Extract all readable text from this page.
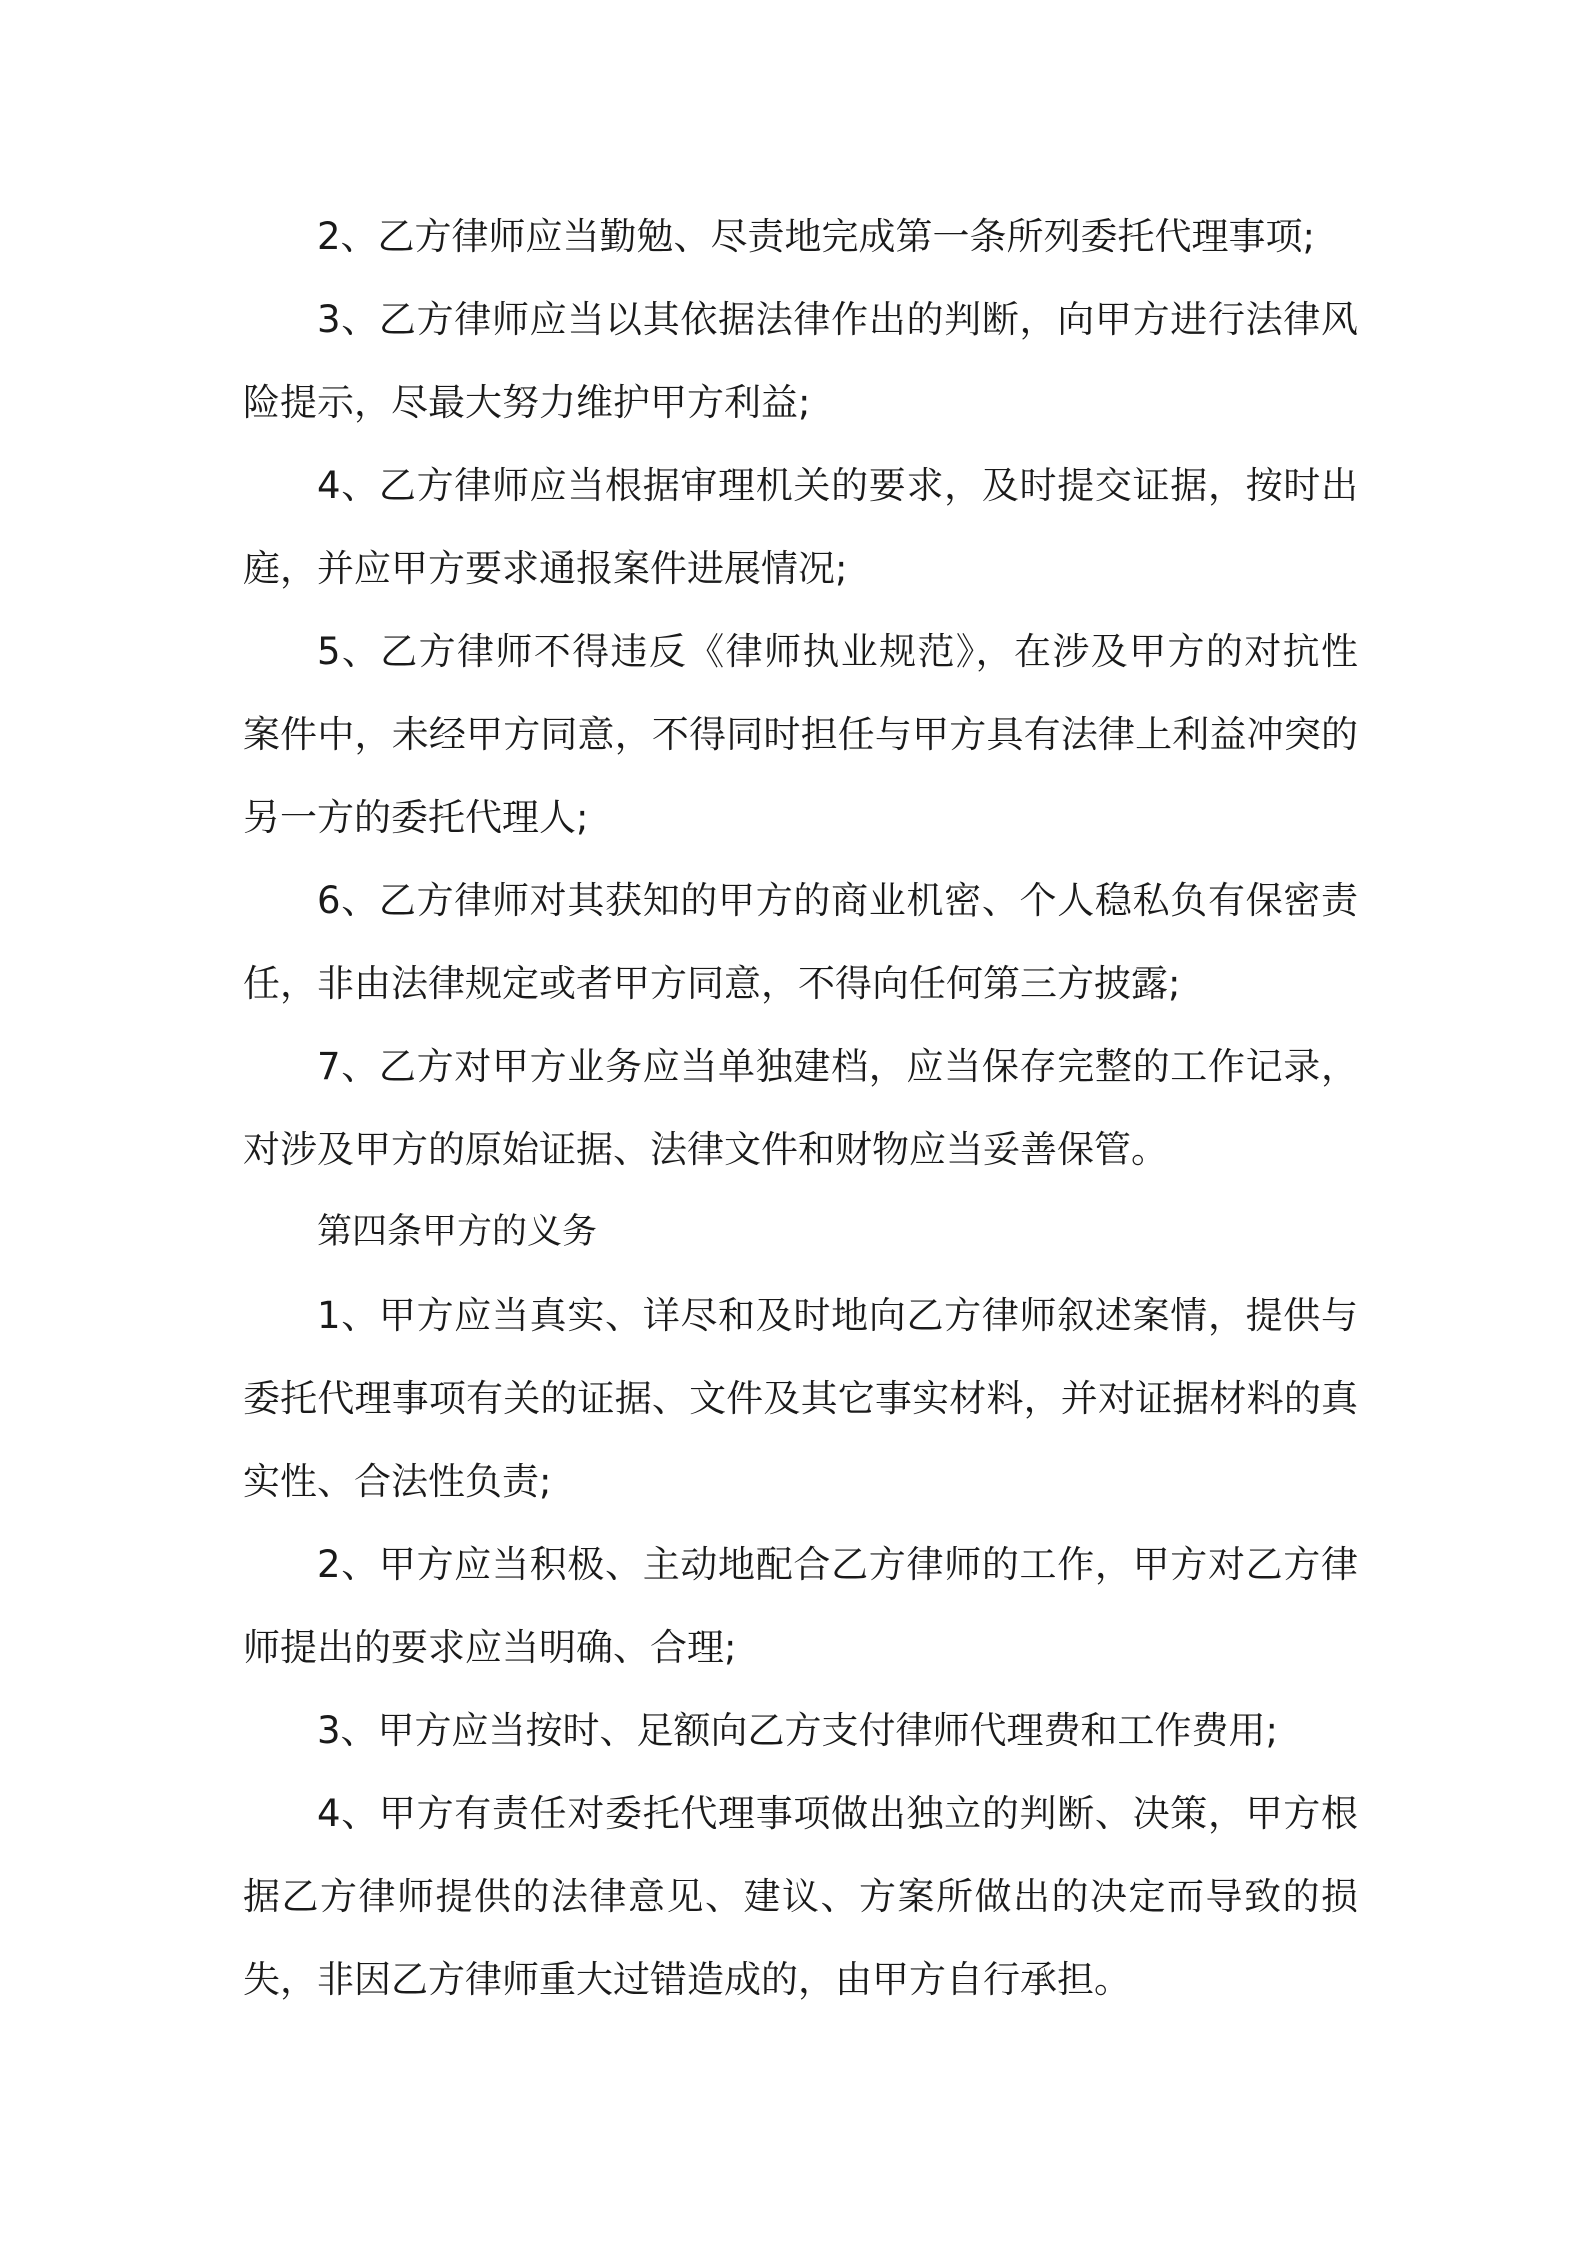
2、乙方律师应当勤勉、尽责地完成第一条所列委托代理事项;

3、乙方律师应当以其依据法律作出的判断，向甲方进行法律风险提示，尽最大努力维护甲方利益;

4、乙方律师应当根据审理机关的要求，及时提交证据，按时出庭，并应甲方要求通报案件进展情况;

5、乙方律师不得违反《律师执业规范》，在涉及甲方的对抗性案件中，未经甲方同意，不得同时担任与甲方具有法律上利益冲突的另一方的委托代理人;

6、乙方律师对其获知的甲方的商业机密、个人稳私负有保密责任，非由法律规定或者甲方同意，不得向任何第三方披露;

7、乙方对甲方业务应当单独建档，应当保存完整的工作记录，对涉及甲方的原始证据、法律文件和财物应当妥善保管。

第四条甲方的义务

1、甲方应当真实、详尽和及时地向乙方律师叙述案情，提供与委托代理事项有关的证据、文件及其它事实材料，并对证据材料的真实性、合法性负责;

2、甲方应当积极、主动地配合乙方律师的工作，甲方对乙方律师提出的要求应当明确、合理;

3、甲方应当按时、足额向乙方支付律师代理费和工作费用;

4、甲方有责任对委托代理事项做出独立的判断、决策，甲方根据乙方律师提供的法律意见、建议、方案所做出的决定而导致的损失，非因乙方律师重大过错造成的，由甲方自行承担。
